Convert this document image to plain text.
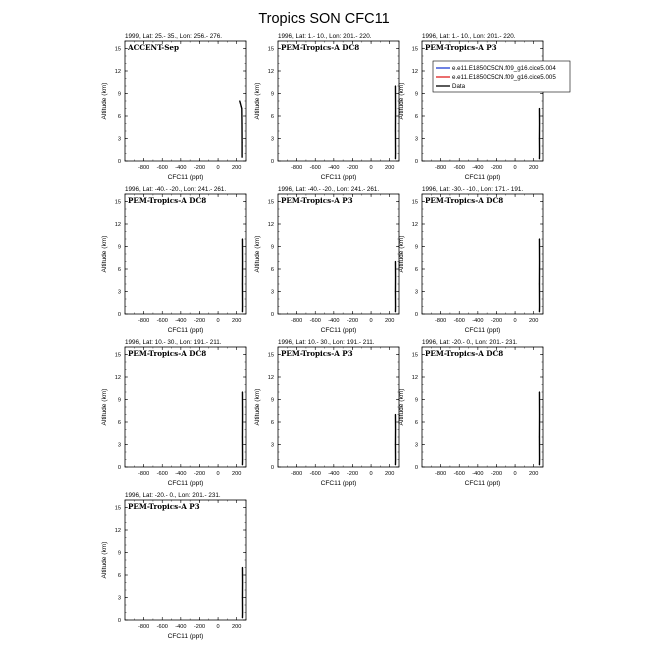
Tropics SON CFC11
1999, Lat: 25.- 35., Lon: 256.- 276.
ACCENT-Sep
-800 -600 -400 -200 0 200
0
3
6
9
12
15
CFC11 (ppt)
Altitude (km)
1996, Lat: 1.- 10., Lon: 201.- 220.
PEM-Tropics-A DC8
-800 -600 -400 -200 0 200
0
3
6
9
12
15
CFC11 (ppt)
Altitude (km)
1996, Lat: 1.- 10., Lon: 201.- 220.
PEM-Tropics-A P3
-800 -600 -400 -200 0 200
0
3
6
9
12
15
CFC11 (ppt)
Altitude (km)
e.e11.E1850C5CN.f09_g16.cice5.004
e.e11.E1850C5CN.f09_g16.cice5.005
Data
1996, Lat: -40.- -20., Lon: 241.- 261.
PEM-Tropics-A DC8
-800 -600 -400 -200 0 200
0
3
6
9
12
15
CFC11 (ppt)
Altitude (km)
1996, Lat: -40.- -20., Lon: 241.- 261.
PEM-Tropics-A P3
-800 -600 -400 -200 0 200
0
3
6
9
12
15
CFC11 (ppt)
Altitude (km)
1996, Lat: -30.- -10., Lon: 171.- 191.
PEM-Tropics-A DC8
-800 -600 -400 -200 0 200
0
3
6
9
12
15
CFC11 (ppt)
Altitude (km)
1996, Lat: 10.- 30., Lon: 191.- 211.
PEM-Tropics-A DC8
-800 -600 -400 -200 0 200
0
3
6
9
12
15
CFC11 (ppt)
Altitude (km)
1996, Lat: 10.- 30., Lon: 191.- 211.
PEM-Tropics-A P3
-800 -600 -400 -200 0 200
0
3
6
9
12
15
CFC11 (ppt)
Altitude (km)
1996, Lat: -20.- 0., Lon: 201.- 231.
PEM-Tropics-A DC8
-800 -600 -400 -200 0 200
0
3
6
9
12
15
CFC11 (ppt)
Altitude (km)
1996, Lat: -20.- 0., Lon: 201.- 231.
PEM-Tropics-A P3
-800 -600 -400 -200 0 200
0
3
6
9
12
15
CFC11 (ppt)
Altitude (km)
